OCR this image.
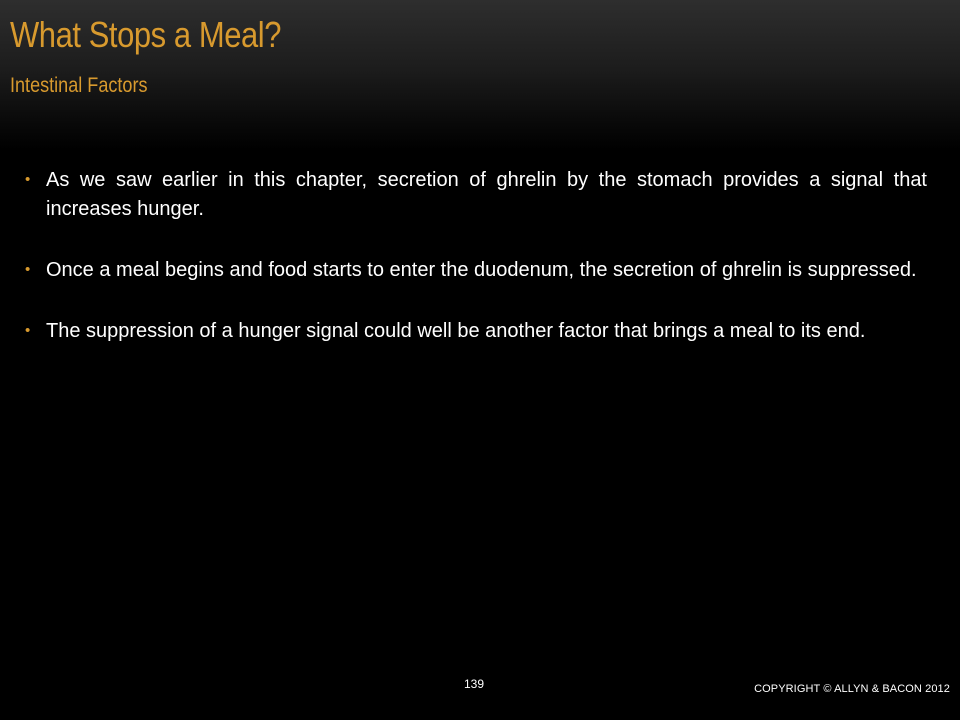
What Stops a Meal?
Intestinal Factors
• As we saw earlier in this chapter, secretion of ghrelin by the stomach provides a signal that increases hunger.
• Once a meal begins and food starts to enter the duodenum, the secretion of ghrelin is suppressed.
• The suppression of a hunger signal could well be another factor that brings a meal to its end.
139	COPYRIGHT © ALLYN & BACON 2012
